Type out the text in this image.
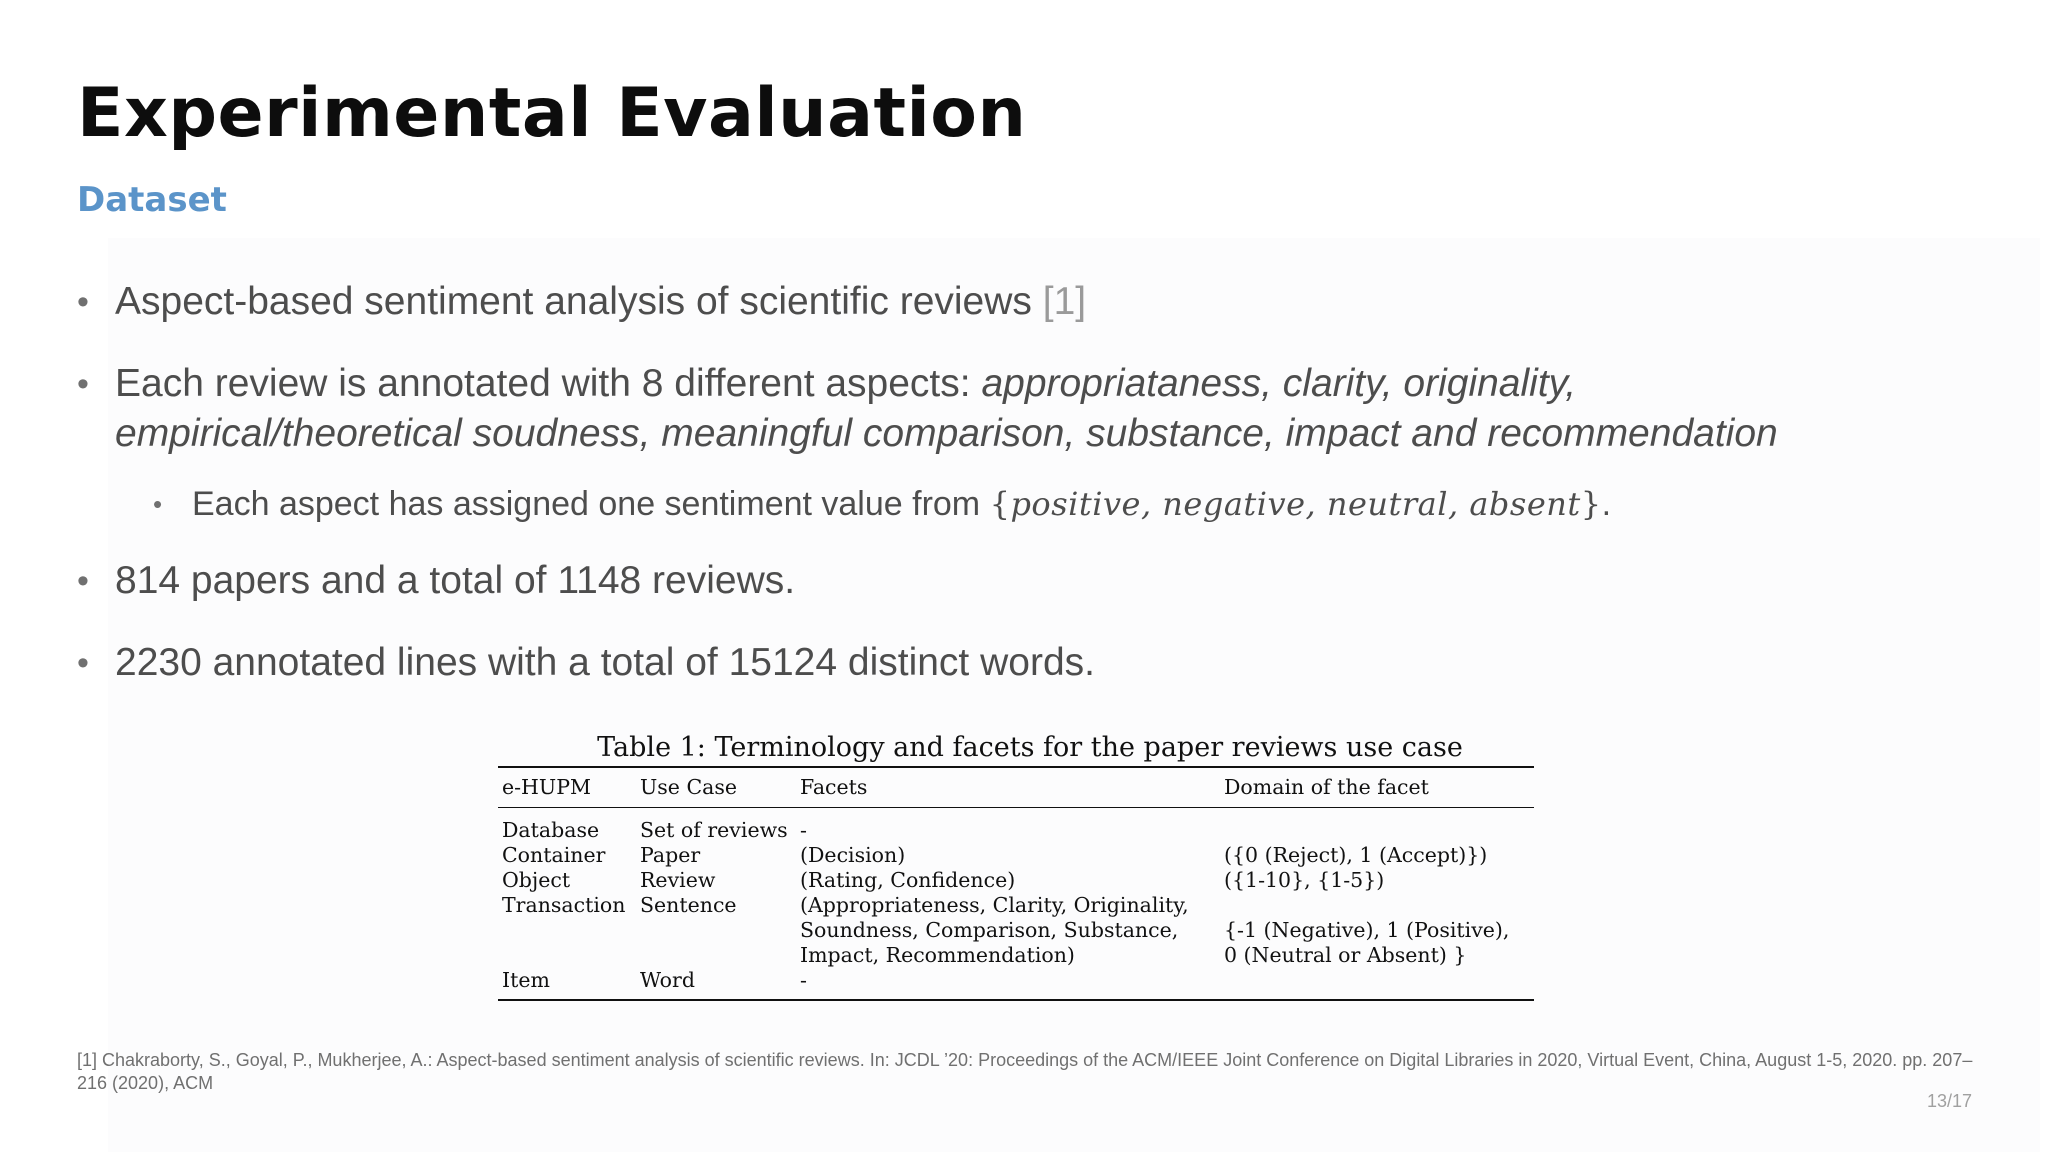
Experimental Evaluation
Dataset
• Aspect-based sentiment analysis of scientific reviews [1]
• Each review is annotated with 8 different aspects: appropriataness, clarity, originality,
empirical/theoretical soudness, meaningful comparison, substance, impact and recommendation
• Each aspect has assigned one sentiment value from {positive, negative, neutral, absent}.
• 814 papers and a total of 1148 reviews.
• 2230 annotated lines with a total of 15124 distinct words.
Table 1: Terminology and facets for the paper reviews use case
e-HUPM	Use Case	Facets	Domain of the facet
Database	Set of reviews	-	
Container	Paper	(Decision)	({0 (Reject), 1 (Accept)})
Object	Review	(Rating, Confidence)	({1-10}, {1-5})
Transaction	Sentence	(Appropriateness, Clarity, Originality,	
		Soundness, Comparison, Substance,	{-1 (Negative), 1 (Positive),
		Impact, Recommendation)	0 (Neutral or Absent) }
Item	Word	-	
[1] Chakraborty, S., Goyal, P., Mukherjee, A.: Aspect-based sentiment analysis of scientific reviews. In: JCDL ’20: Proceedings of the ACM/IEEE Joint Conference on Digital Libraries in 2020, Virtual Event, China, August 1-5, 2020. pp. 207–216 (2020), ACM
13/17
